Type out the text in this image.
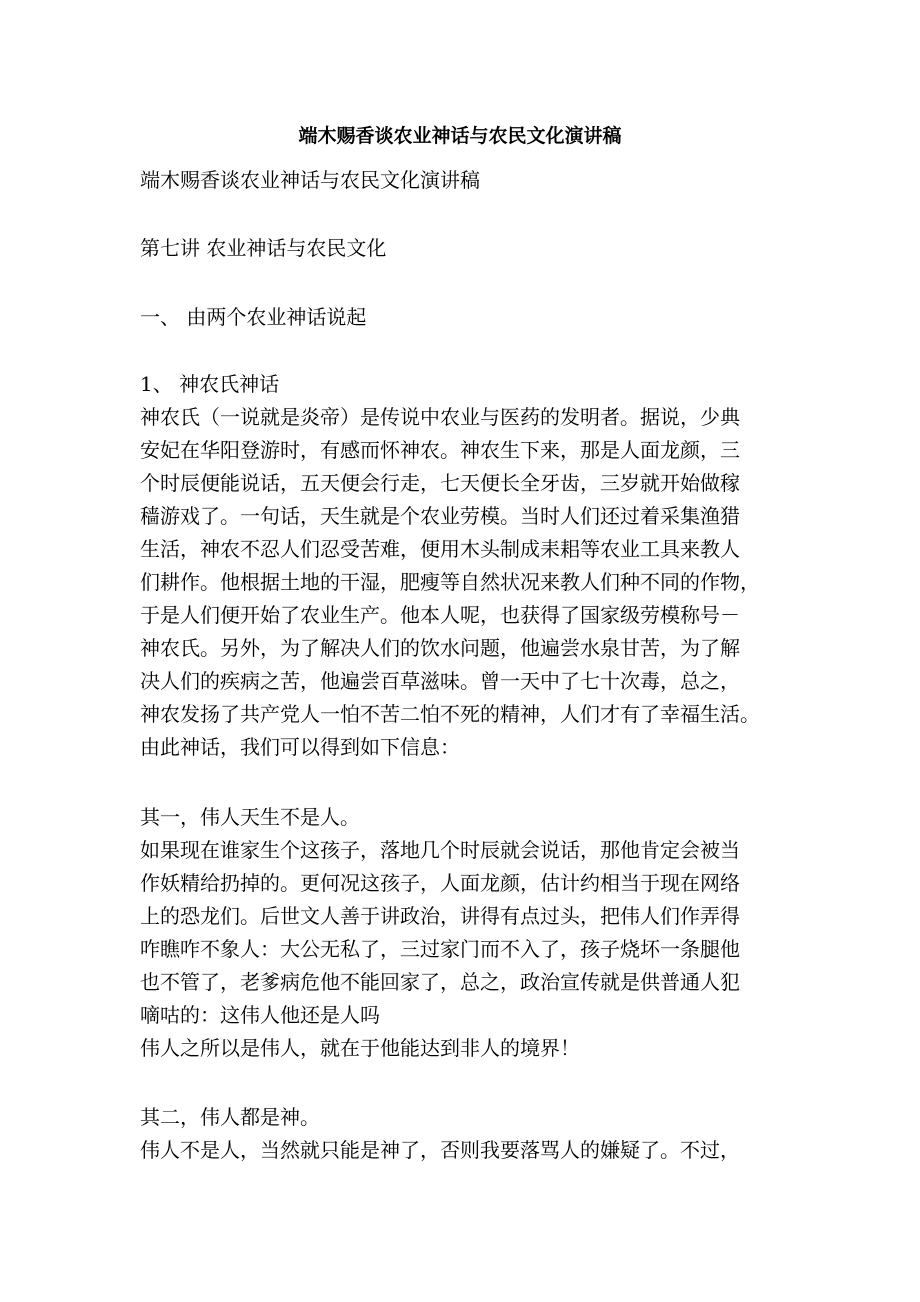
端木赐香谈农业神话与农民文化演讲稿

端木赐香谈农业神话与农民文化演讲稿

第七讲 农业神话与农民文化

一、 由两个农业神话说起

1、 神农氏神话

神农氏（一说就是炎帝）是传说中农业与医药的发明者。据说，少典

安妃在华阳登游时，有感而怀神农。神农生下来，那是人面龙颜，三

个时辰便能说话，五天便会行走，七天便长全牙齿，三岁就开始做稼

穑游戏了。一句话，天生就是个农业劳模。当时人们还过着采集渔猎

生活，神农不忍人们忍受苦难，便用木头制成耒耜等农业工具来教人

们耕作。他根据土地的干湿，肥瘦等自然状况来教人们种不同的作物，

于是人们便开始了农业生产。他本人呢，也获得了国家级劳模称号－

神农氏。另外，为了解决人们的饮水问题，他遍尝水泉甘苦，为了解

决人们的疾病之苦，他遍尝百草滋味。曾一天中了七十次毒，总之，

神农发扬了共产党人一怕不苦二怕不死的精神，人们才有了幸福生活。

由此神话，我们可以得到如下信息：

其一，伟人天生不是人。

如果现在谁家生个这孩子，落地几个时辰就会说话，那他肯定会被当

作妖精给扔掉的。更何况这孩子，人面龙颜，估计约相当于现在网络

上的恐龙们。后世文人善于讲政治，讲得有点过头，把伟人们作弄得

咋瞧咋不象人：大公无私了，三过家门而不入了，孩子烧坏一条腿他

也不管了，老爹病危他不能回家了，总之，政治宣传就是供普通人犯

嘀咕的：这伟人他还是人吗

伟人之所以是伟人，就在于他能达到非人的境界！

其二，伟人都是神。

伟人不是人，当然就只能是神了，否则我要落骂人的嫌疑了。不过，
